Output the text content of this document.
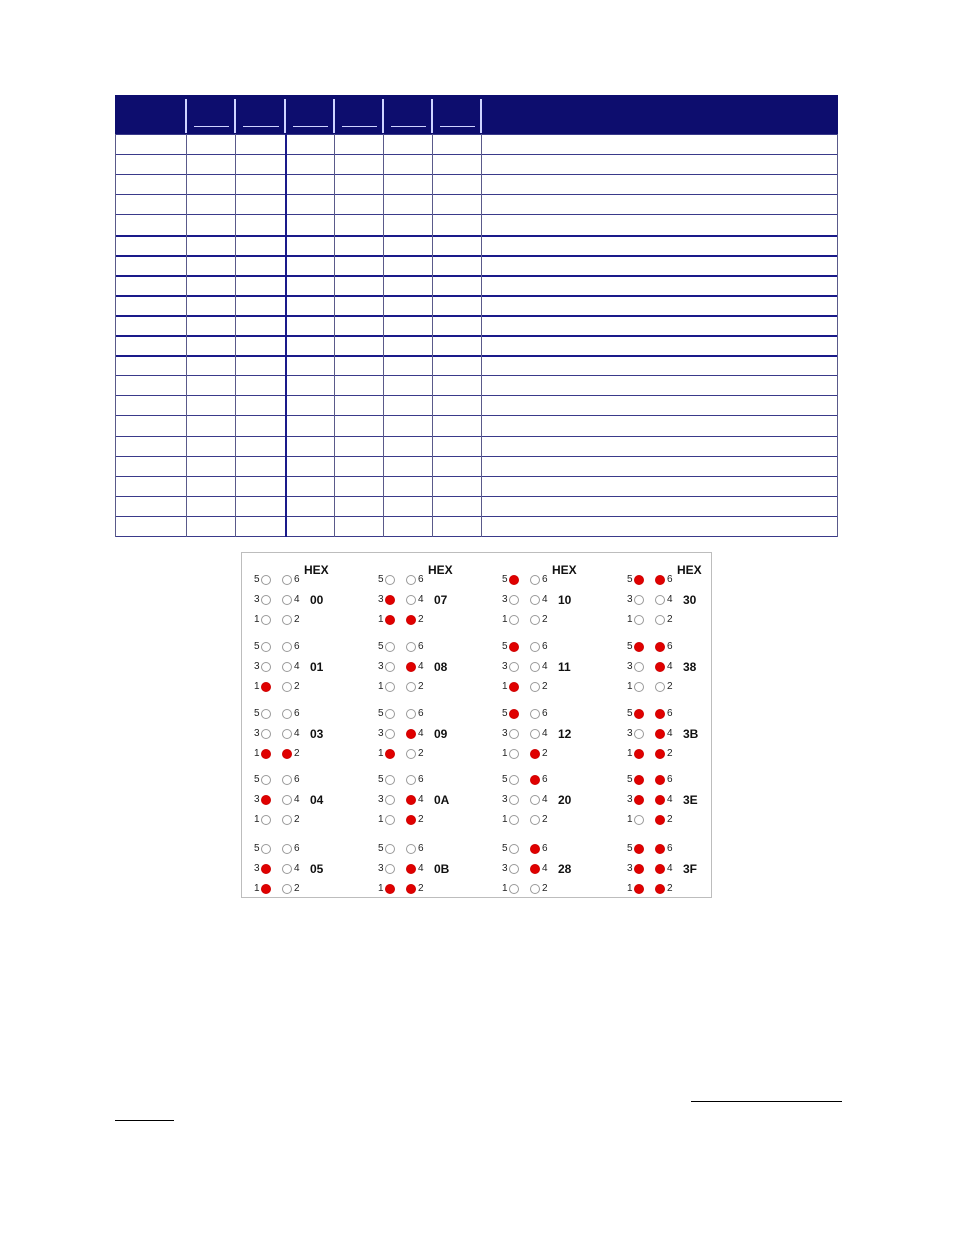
HEX
5	6
3	4
1	2
00
5	6
3	4
1	2
01
5	6
3	4
1	2
03
5	6
3	4
1	2
04
5	6
3	4
1	2
05
HEX
5	6
3	4
1	2
07
5	6
3	4
1	2
08
5	6
3	4
1	2
09
5	6
3	4
1	2
0A
5	6
3	4
1	2
0B
HEX
5	6
3	4
1	2
10
5	6
3	4
1	2
11
5	6
3	4
1	2
12
5	6
3	4
1	2
20
5	6
3	4
1	2
28
HEX
5	6
3	4
1	2
30
5	6
3	4
1	2
38
5	6
3	4
1	2
3B
5	6
3	4
1	2
3E
5	6
3	4
1	2
3F
